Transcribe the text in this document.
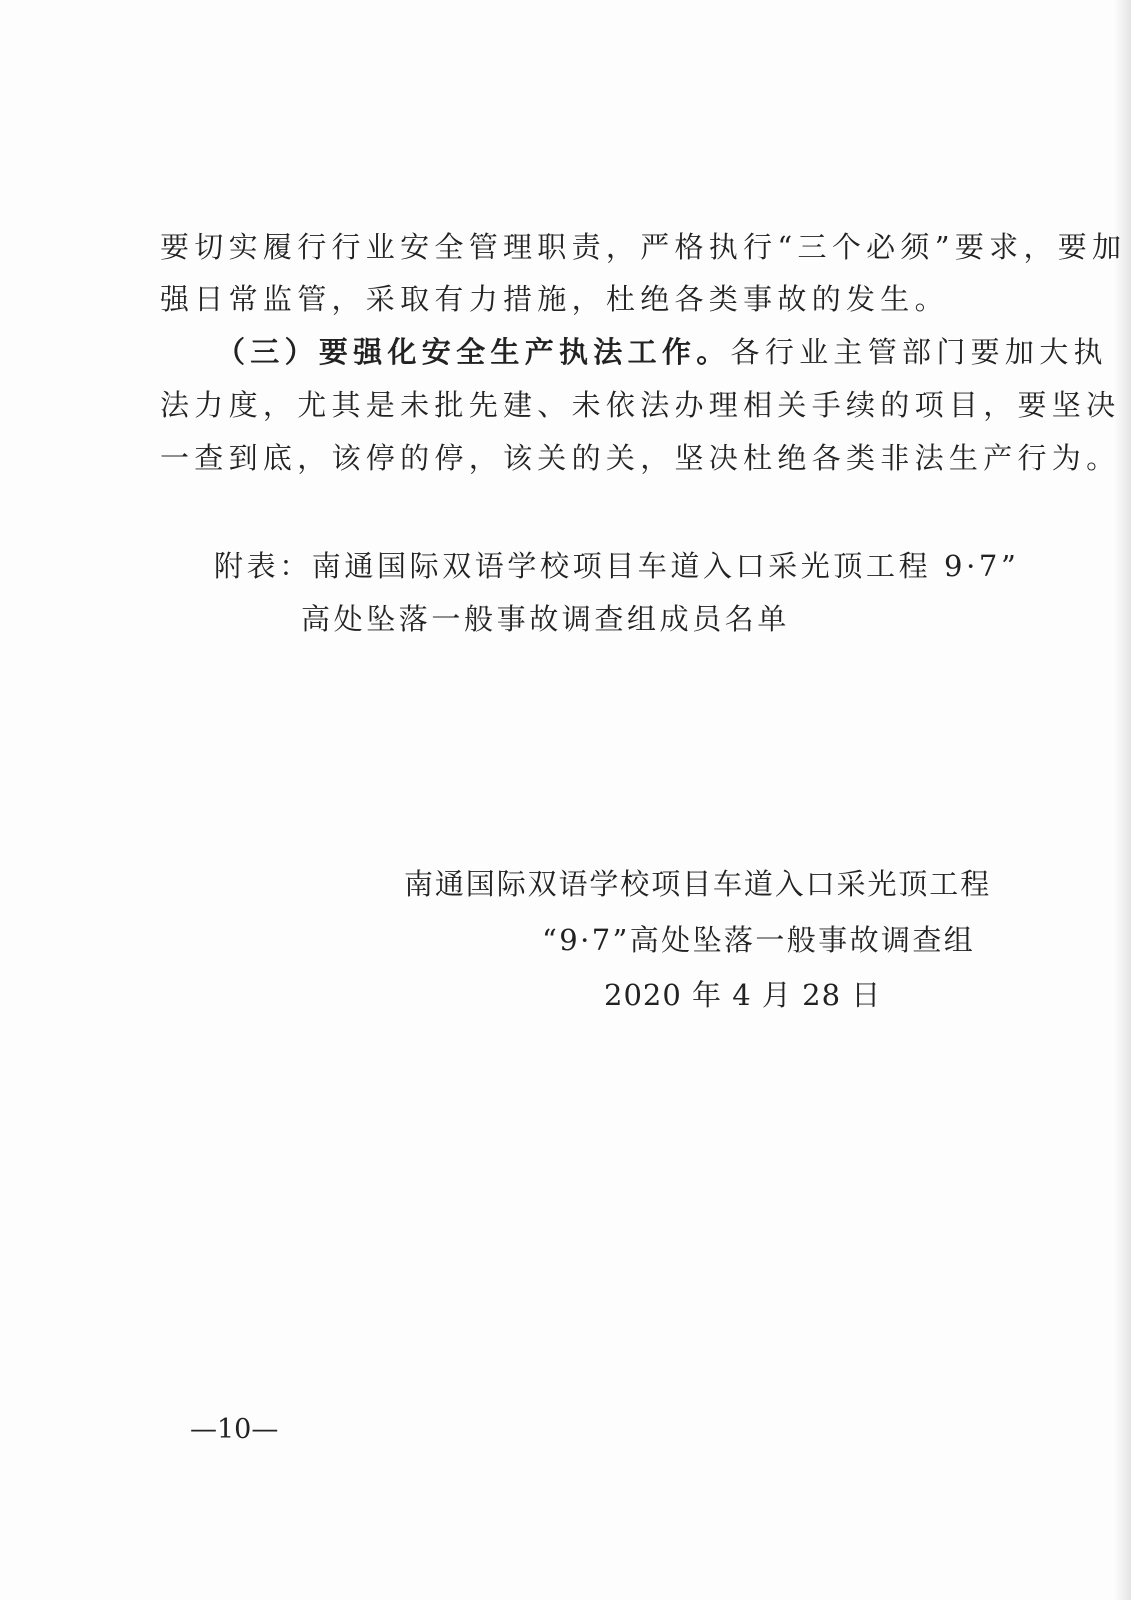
要切实履行行业安全管理职责，严格执行“三个必须”要求，要加
强日常监管，采取有力措施，杜绝各类事故的发生。
（三）要强化安全生产执法工作。各行业主管部门要加大执
法力度，尤其是未批先建、未依法办理相关手续的项目，要坚决
一查到底，该停的停，该关的关，坚决杜绝各类非法生产行为。
附表：南通国际双语学校项目车道入口采光顶工程 9·7”
高处坠落一般事故调查组成员名单
南通国际双语学校项目车道入口采光顶工程
“9·7”高处坠落一般事故调查组
2020 年 4 月 28 日
—10—
